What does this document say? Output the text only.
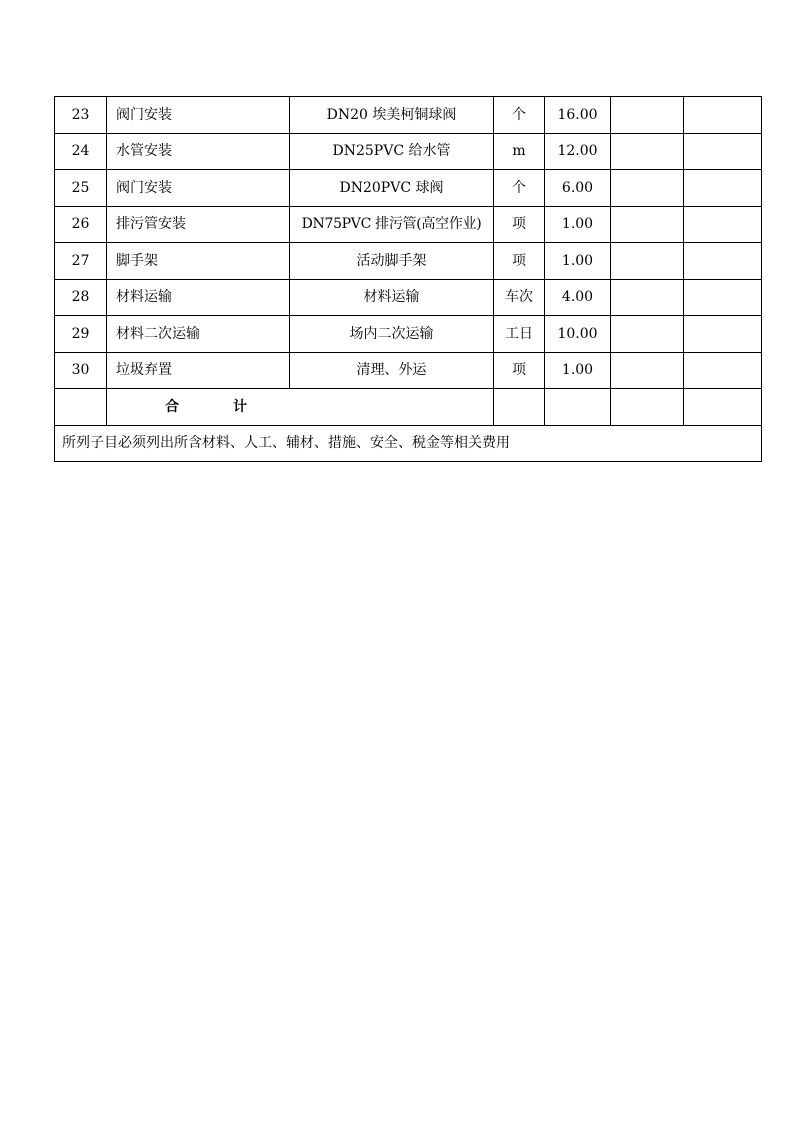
23	阀门安装	DN20 埃美柯铜球阀	个	16.00		
24	水管安装	DN25PVC 给水管	m	12.00		
25	阀门安装	DN20PVC 球阀	个	6.00		
26	排污管安装	DN75PVC 排污管(高空作业)	项	1.00		
27	脚手架	活动脚手架	项	1.00		
28	材料运输	材料运输	车次	4.00		
29	材料二次运输	场内二次运输	工日	10.00		
30	垃圾弃置	清理、外运	项	1.00		
	合 计					
所列子目必须列出所含材料、人工、辅材、措施、安全、税金等相关费用						
